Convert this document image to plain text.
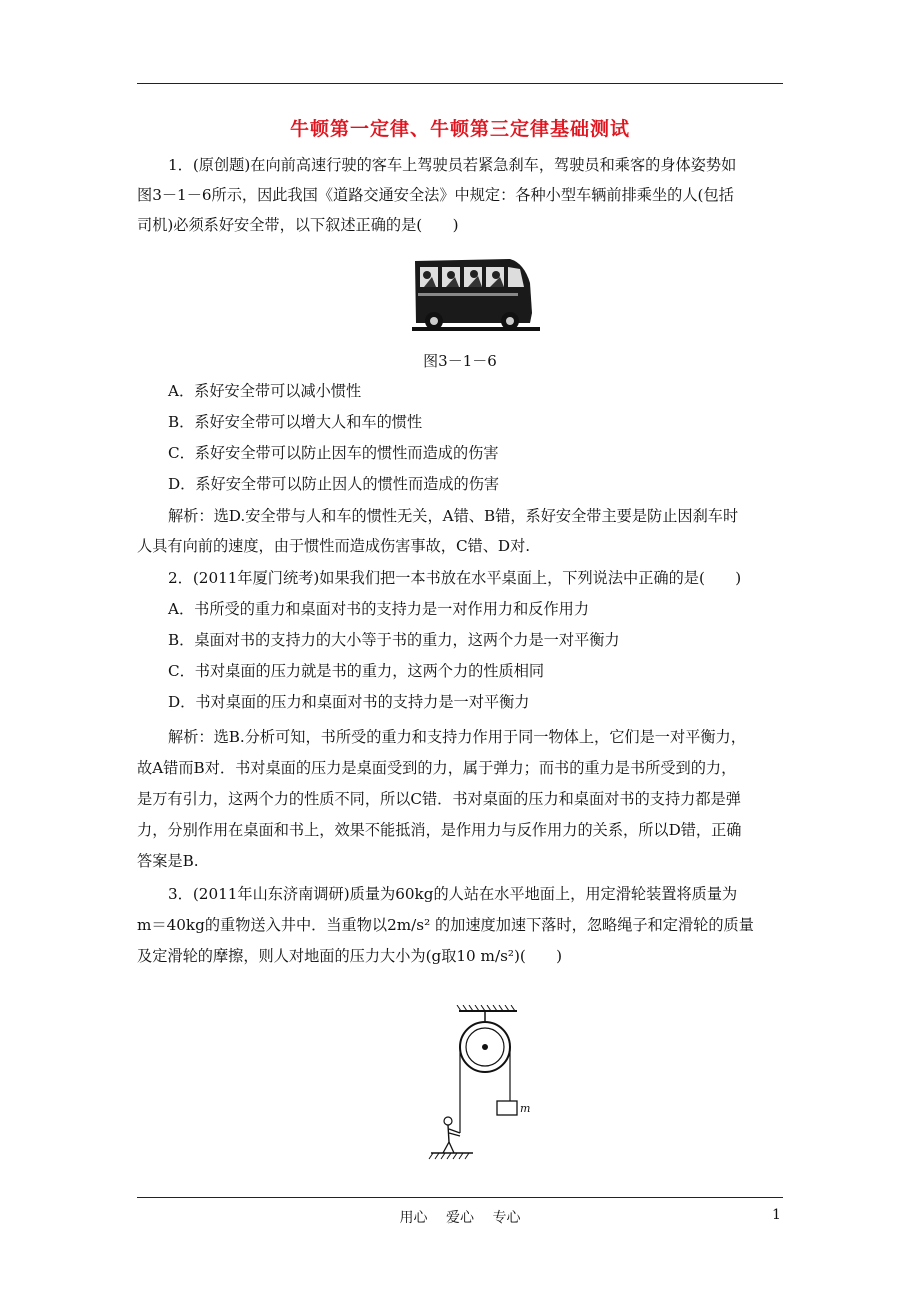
牛顿第一定律、牛顿第三定律基础测试
1．(原创题)在向前高速行驶的客车上驾驶员若紧急刹车，驾驶员和乘客的身体姿势如
图3－1－6所示，因此我国《道路交通安全法》中规定：各种小型车辆前排乘坐的人(包括
司机)必须系好安全带，以下叙述正确的是(　　)
图3－1－6
A．系好安全带可以减小惯性
B．系好安全带可以增大人和车的惯性
C．系好安全带可以防止因车的惯性而造成的伤害
D．系好安全带可以防止因人的惯性而造成的伤害
解析：选D.安全带与人和车的惯性无关，A错、B错，系好安全带主要是防止因刹车时
人具有向前的速度，由于惯性而造成伤害事故，C错、D对.
2．(2011年厦门统考)如果我们把一本书放在水平桌面上，下列说法中正确的是(　　)
A．书所受的重力和桌面对书的支持力是一对作用力和反作用力
B．桌面对书的支持力的大小等于书的重力，这两个力是一对平衡力
C．书对桌面的压力就是书的重力，这两个力的性质相同
D．书对桌面的压力和桌面对书的支持力是一对平衡力
解析：选B.分析可知，书所受的重力和支持力作用于同一物体上，它们是一对平衡力，
故A错而B对．书对桌面的压力是桌面受到的力，属于弹力；而书的重力是书所受到的力，
是万有引力，这两个力的性质不同，所以C错．书对桌面的压力和桌面对书的支持力都是弹
力，分别作用在桌面和书上，效果不能抵消，是作用力与反作用力的关系，所以D错，正确
答案是B.
3．(2011年山东济南调研)质量为60kg的人站在水平地面上，用定滑轮装置将质量为
m＝40kg的重物送入井中．当重物以2m/s² 的加速度加速下落时，忽略绳子和定滑轮的质量
及定滑轮的摩擦，则人对地面的压力大小为(g取10 m/s²)(　　)
m
用心　 爱心　 专心	1
